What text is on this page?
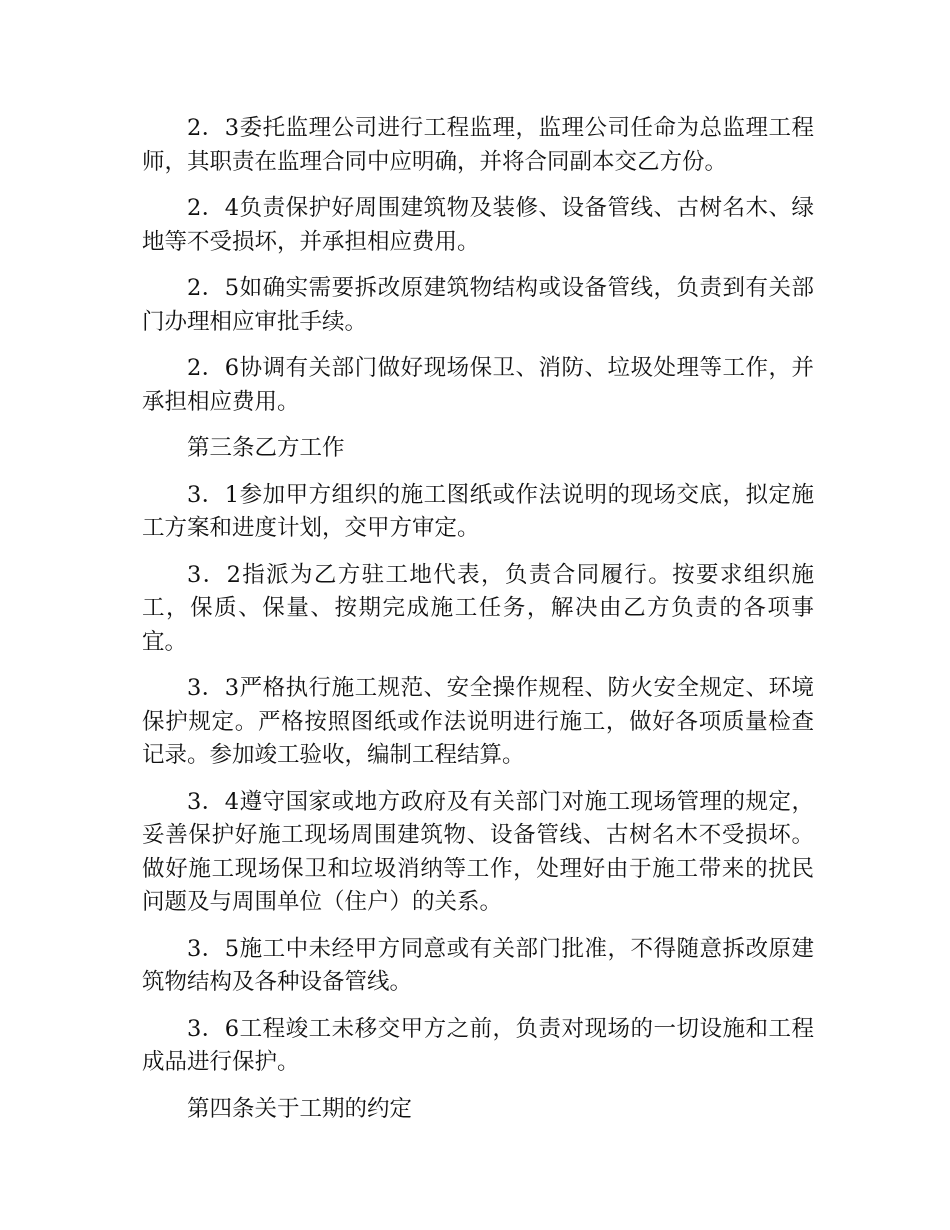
2．3委托监理公司进行工程监理，监理公司任命为总监理工程师，其职责在监理合同中应明确，并将合同副本交乙方份。

2．4负责保护好周围建筑物及装修、设备管线、古树名木、绿地等不受损坏，并承担相应费用。

2．5如确实需要拆改原建筑物结构或设备管线，负责到有关部门办理相应审批手续。

2．6协调有关部门做好现场保卫、消防、垃圾处理等工作，并承担相应费用。

第三条乙方工作

3．1参加甲方组织的施工图纸或作法说明的现场交底，拟定施工方案和进度计划，交甲方审定。

3．2指派为乙方驻工地代表，负责合同履行。按要求组织施工，保质、保量、按期完成施工任务，解决由乙方负责的各项事宜。

3．3严格执行施工规范、安全操作规程、防火安全规定、环境保护规定。严格按照图纸或作法说明进行施工，做好各项质量检查记录。参加竣工验收，编制工程结算。

3．4遵守国家或地方政府及有关部门对施工现场管理的规定，妥善保护好施工现场周围建筑物、设备管线、古树名木不受损坏。做好施工现场保卫和垃圾消纳等工作，处理好由于施工带来的扰民问题及与周围单位（住户）的关系。

3．5施工中未经甲方同意或有关部门批准，不得随意拆改原建筑物结构及各种设备管线。

3．6工程竣工未移交甲方之前，负责对现场的一切设施和工程成品进行保护。

第四条关于工期的约定
